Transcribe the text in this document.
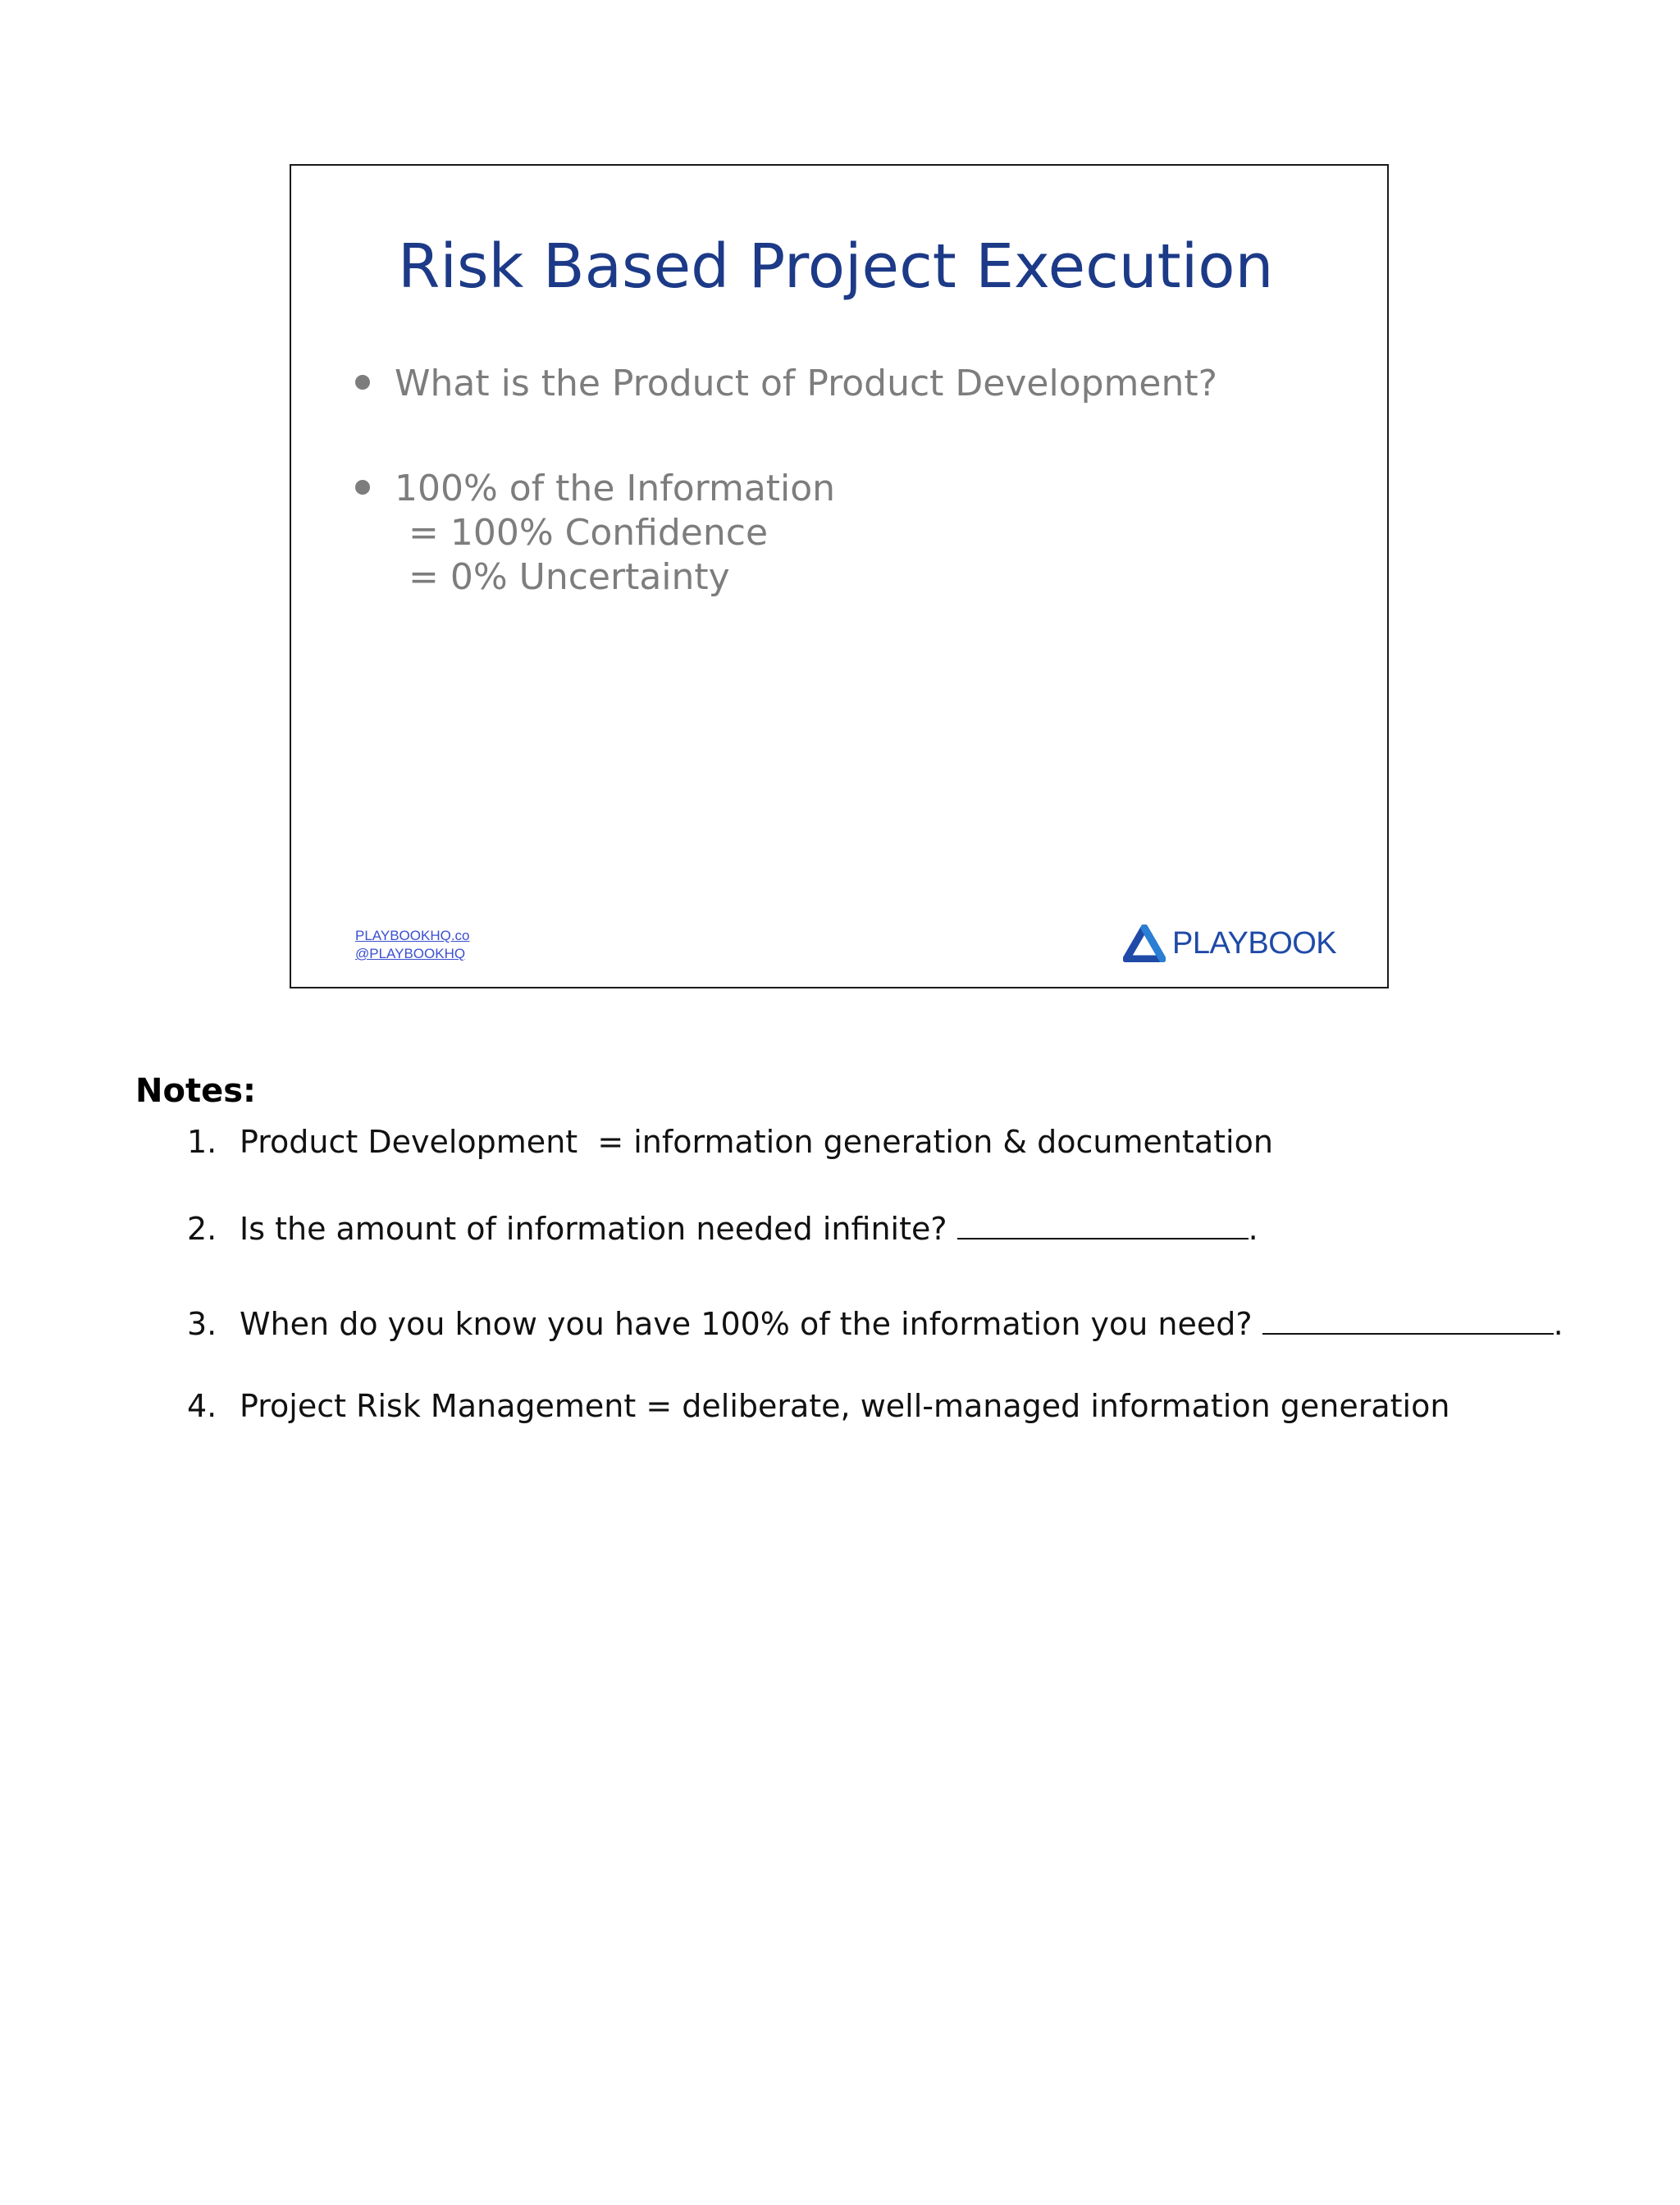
Risk Based Project Execution
What is the Product of Product Development?
100% of the Information
= 100% Confidence
= 0% Uncertainty
PLAYBOOKHQ.co
@PLAYBOOKHQ	PLAYBOOK
Notes:
1. Product Development  = information generation & documentation
2. Is the amount of information needed infinite?	.
3. When do you know you have 100% of the information you need?	.
4. Project Risk Management = deliberate, well-managed information generation
